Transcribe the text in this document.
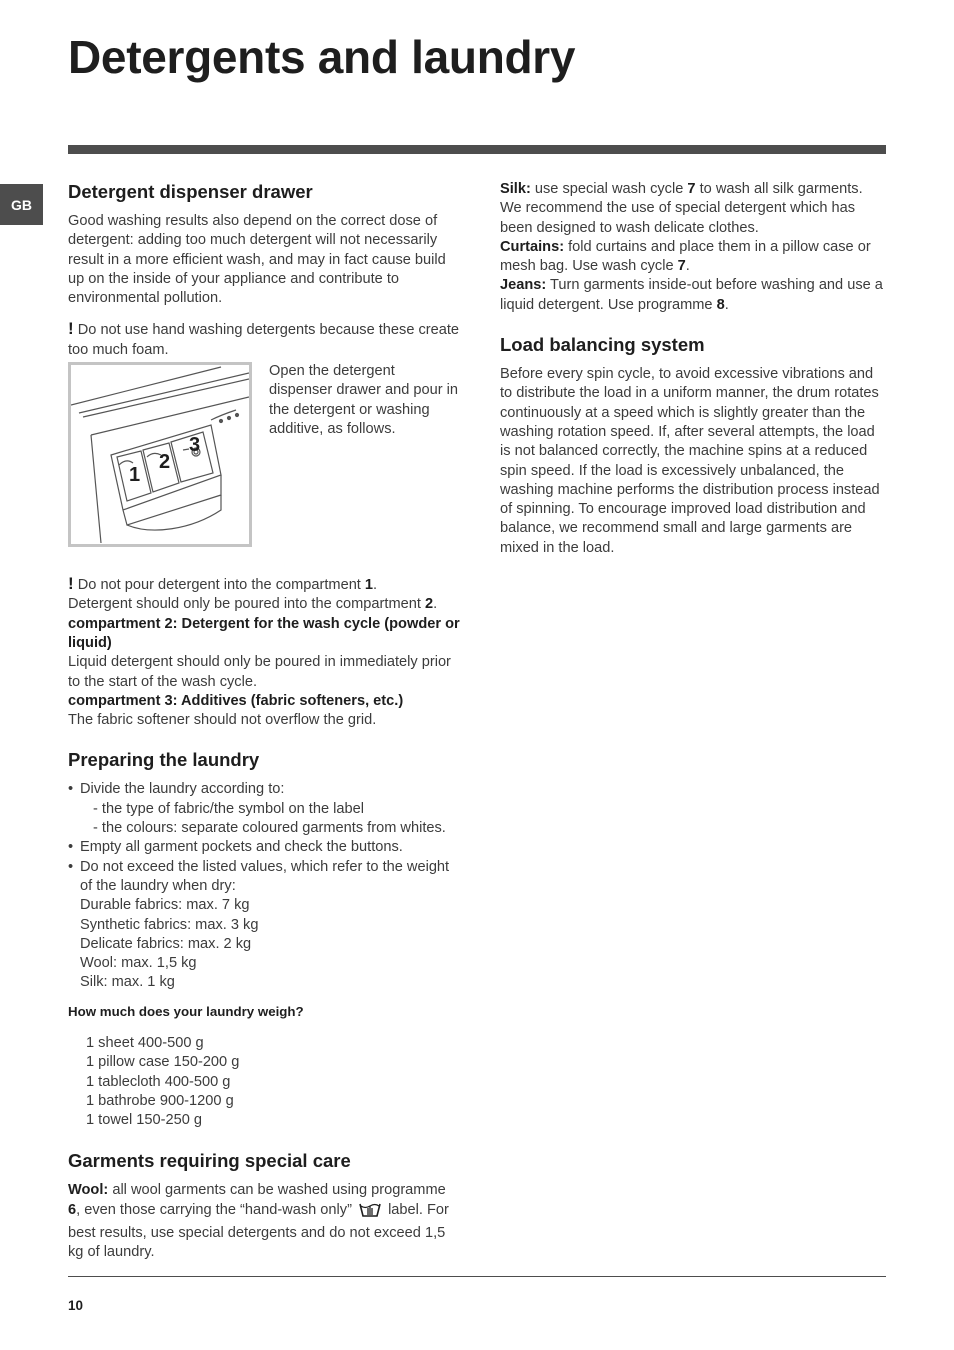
Detergents and laundry
GB
Detergent dispenser drawer

Good washing results also depend on the correct dose of detergent: adding too much detergent will not necessarily result in a more efficient wash, and may in fact cause build up on the inside of your appliance and contribute to environmental pollution.

! Do not use hand washing detergents because these create too much foam.

1
2
3

Open the detergent dispenser drawer and pour in the detergent or washing additive, as follows.

! Do not pour detergent into the compartment 1.

Detergent should only be poured into the compartment 2.

compartment 2: Detergent for the wash cycle (powder or liquid)

Liquid detergent should only be poured in immediately prior to the start of the wash cycle.

compartment 3: Additives (fabric softeners, etc.)

The fabric softener should not overflow the grid.

Preparing the laundry
• Divide the laundry according to:
- the type of fabric/the symbol on the label
- the colours: separate coloured garments from whites.
• Empty all garment pockets and check the buttons.
• Do not exceed the listed values, which refer to the weight of the laundry when dry:
Durable fabrics: max. 7 kg
Synthetic fabrics: max. 3 kg
Delicate fabrics: max. 2 kg
Wool: max. 1,5 kg
Silk: max. 1 kg

How much does your laundry weigh?

1 sheet 400-500 g
1 pillow case 150-200 g
1 tablecloth 400-500 g
1 bathrobe 900-1200 g
1 towel 150-250 g
Garments requiring special care

Wool: all wool garments can be washed using programme 6, even those carrying the “hand-wash only” label. For best results, use special detergents and do not exceed 1,5 kg of laundry.

Silk: use special wash cycle 7 to wash all silk garments. We recommend the use of special detergent which has been designed to wash delicate clothes.

Curtains: fold curtains and place them in a pillow case or mesh bag. Use wash cycle 7.

Jeans: Turn garments inside-out before washing and use a liquid detergent. Use programme 8.

Load balancing system

Before every spin cycle, to avoid excessive vibrations and to distribute the load in a uniform manner, the drum rotates continuously at a speed which is slightly greater than the washing rotation speed. If, after several attempts, the load is not balanced correctly, the machine spins at a reduced spin speed. If the load is excessively unbalanced, the washing machine performs the distribution process instead of spinning. To encourage improved load distribution and balance, we recommend small and large garments are mixed in the load.

10
